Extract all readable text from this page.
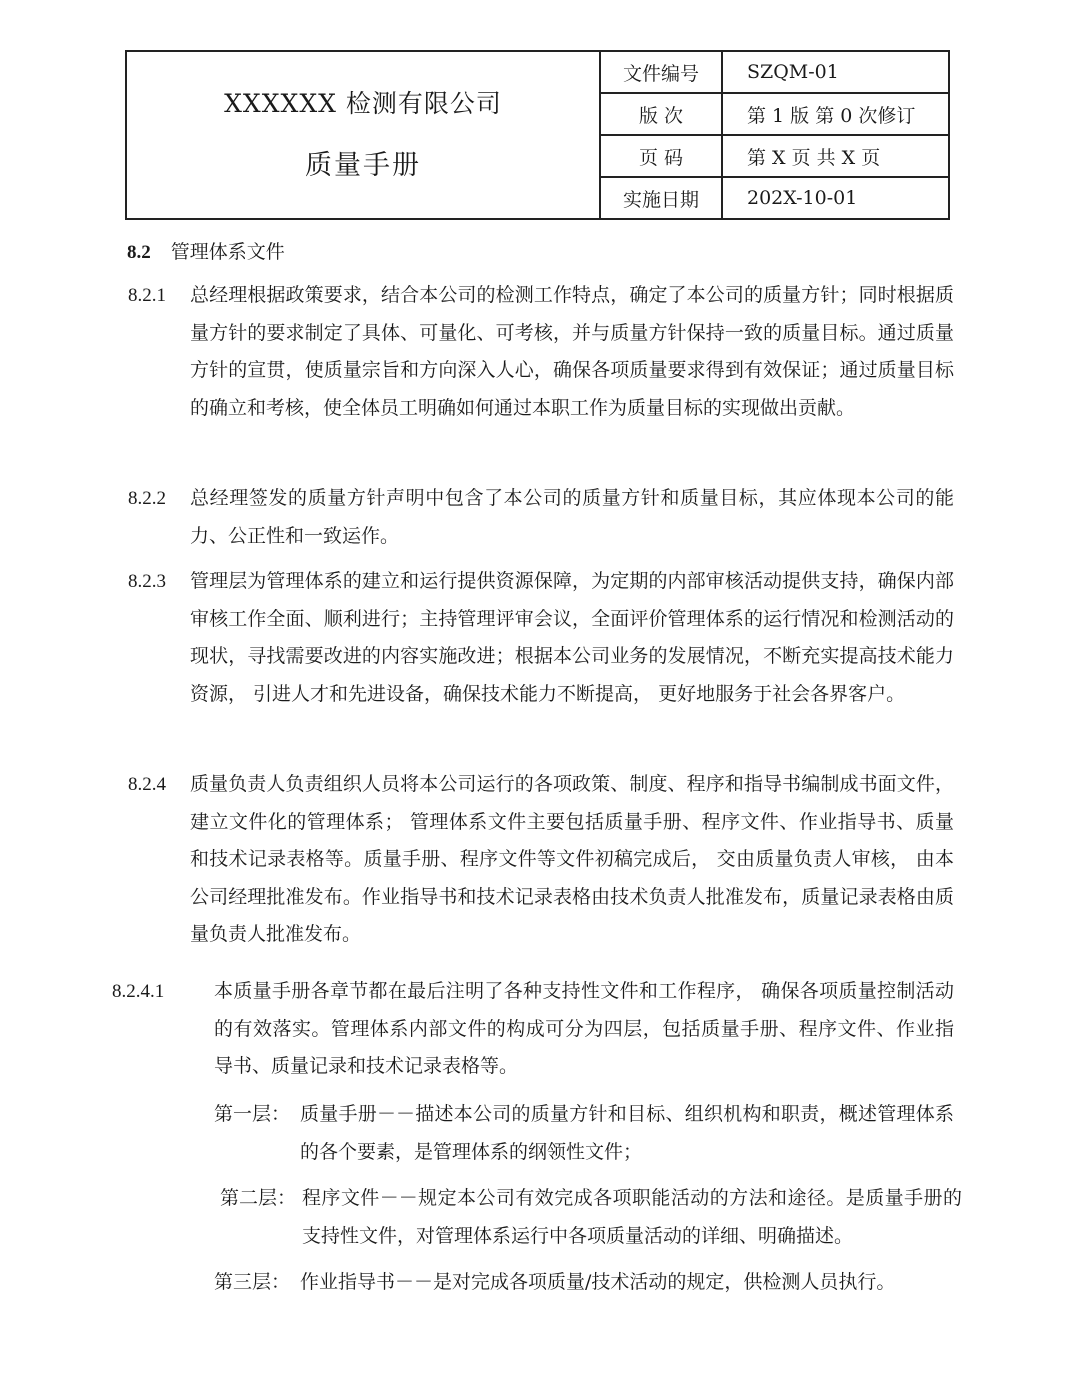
XXXXXX 检测有限公司
质量手册	文件编号	SZQM-01
	版 次	第 1 版 第 0 次修订
	页 码	第 X 页 共 X 页
	实施日期	202X-10-01
8.2 管理体系文件
8.2.1 总经理根据政策要求，结合本公司的检测工作特点，确定了本公司的质量方针；同时根据质量方针的要求制定了具体、可量化、可考核，并与质量方针保持一致的质量目标。通过质量方针的宣贯，使质量宗旨和方向深入人心，确保各项质量要求得到有效保证；通过质量目标的确立和考核，使全体员工明确如何通过本职工作为质量目标的实现做出贡献。
8.2.2 总经理签发的质量方针声明中包含了本公司的质量方针和质量目标，其应体现本公司的能力、公正性和一致运作。
8.2.3 管理层为管理体系的建立和运行提供资源保障，为定期的内部审核活动提供支持，确保内部审核工作全面、顺利进行；主持管理评审会议，全面评价管理体系的运行情况和检测活动的现状，寻找需要改进的内容实施改进；根据本公司业务的发展情况，不断充实提高技术能力资源， 引进人才和先进设备，确保技术能力不断提高， 更好地服务于社会各界客户。
8.2.4 质量负责人负责组织人员将本公司运行的各项政策、制度、程序和指导书编制成书面文件，建立文件化的管理体系； 管理体系文件主要包括质量手册、程序文件、作业指导书、质量和技术记录表格等。质量手册、程序文件等文件初稿完成后， 交由质量负责人审核， 由本公司经理批准发布。作业指导书和技术记录表格由技术负责人批准发布，质量记录表格由质量负责人批准发布。
8.2.4.1	本质量手册各章节都在最后注明了各种支持性文件和工作程序， 确保各项质量控制活动的有效落实。管理体系内部文件的构成可分为四层，包括质量手册、程序文件、作业指导书、质量记录和技术记录表格等。
第一层： 质量手册－－描述本公司的质量方针和目标、组织机构和职责，概述管理体系的各个要素，是管理体系的纲领性文件；
第二层： 程序文件－－规定本公司有效完成各项职能活动的方法和途径。是质量手册的支持性文件，对管理体系运行中各项质量活动的详细、明确描述。
第三层： 作业指导书－－是对完成各项质量/技术活动的规定，供检测人员执行。
